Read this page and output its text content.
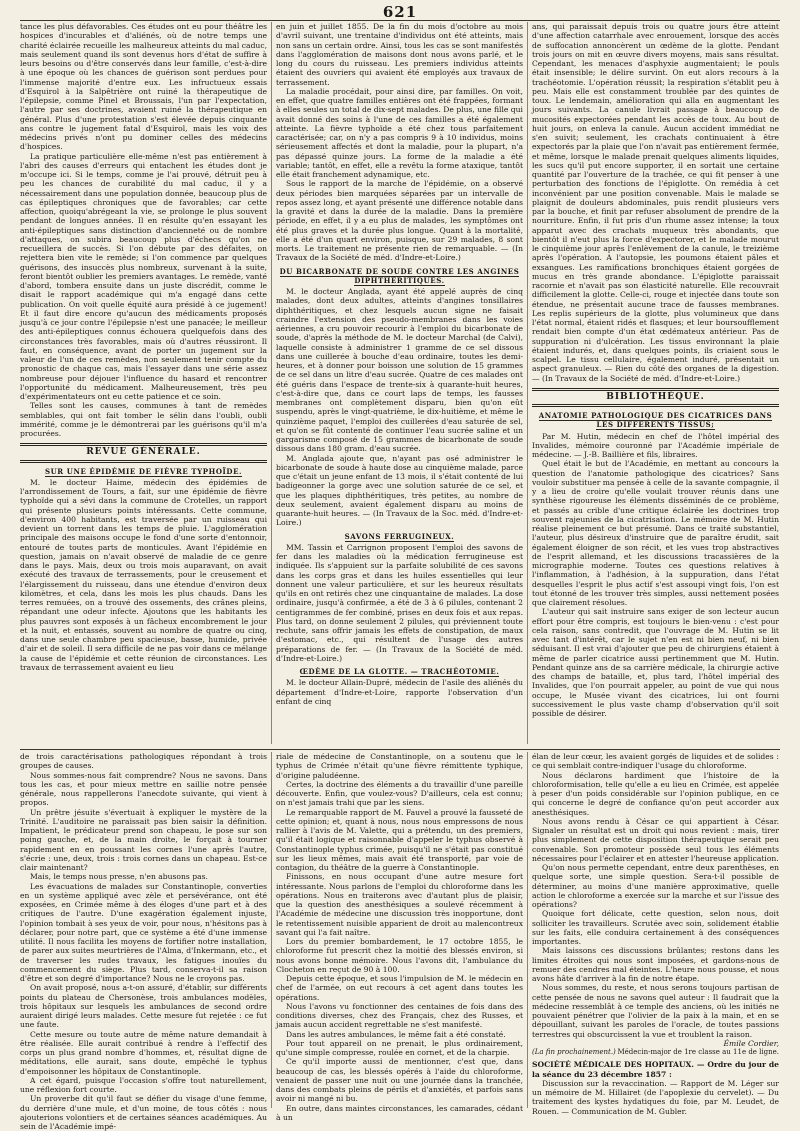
621

tance les plus défavorables. Ces études ont eu pour théâtre les hospices d'incurables et d'aliénés, où de notre temps une charité éclairée recueille les malheureux atteints du mal caduc, mais seulement quand ils sont devenus hors d'état de suffire à leurs besoins ou d'être conservés dans leur famille, c'est-à-dire à une époque où les chances de guérison sont perdues pour l'immense majorité d'entre eux. Les infructueux essais d'Esquirol à la Salpêtrière ont ruiné la thérapeutique de l'épilepsie, comme Pinel et Broussais, l'un par l'expectation, l'autre par ses doctrines, avaient ruiné la thérapeutique en général. Plus d'une protestation s'est élevée depuis cinquante ans contre le jugement fatal d'Esquirol, mais les voix des médecins privés n'ont pu dominer celles des médecins d'hospices.

La pratique particulière elle-même n'est pas entièrement à l'abri des causes d'erreurs qui entachent les études dont je m'occupe ici. Si le temps, comme je l'ai prouvé, détruit peu à peu les chances de curabilité du mal caduc, il y a nécessairement dans une population donnée, beaucoup plus de cas épileptiques chroniques que de favorables; car cette affection, quoiqu'abrégeant la vie, se prolonge le plus souvent pendant de longues années. Il en résulte qu'en essayant les anti-épileptiques sans distinction d'ancienneté ou de nombre d'attaques, on subira beaucoup plus d'échecs qu'on ne recueillera de succès. Si l'on débute par des défaites, on rejettera bien vite le remède; si l'on commence par quelques guérisons, des insuccès plus nombreux, survenant à la suite, feront bientôt oublier les premiers avantages. Le remède, vanté d'abord, tombera ensuite dans un juste discrédit, comme le disait le rapport académique qui m'a engagé dans cette publication. On voit quelle équité aura présidé à ce jugement! Et il faut dire encore qu'aucun des médicaments proposés jusqu'à ce jour contre l'épilepsie n'est une panacée; le meilleur des anti-épileptiques connus échouera quelquefois dans des circonstances très favorables, mais où d'autres réussiront. Il faut, en conséquence, avant de porter un jugement sur la valeur de l'un de ces remèdes, non seulement tenir compte du pronostic de chaque cas, mais l'essayer dans une série assez nombreuse pour déjouer l'influence du hasard et rencontrer l'opportunité du médicament. Malheureusement, très peu d'expérimentateurs ont eu cette patience et ce soin.

Telles sont les causes, communes à tant de remèdes semblables, qui ont fait tomber le sélin dans l'oubli, oubli immérité, comme je le démontrerai par les guérisons qu'il m'a procurées.

REVUE GÉNÉRALE.
SUR UNE ÉPIDÉMIE DE FIÈVRE TYPHOÏDE.

M. le docteur Haime, médecin des épidémies de l'arrondissement de Tours, a fait, sur une épidémie de fièvre typhoïde qui a sévi dans la commune de Crotelles, un rapport qui présente plusieurs points intéressants. Cette commune, d'environ 400 habitants, est traversée par un ruisseau qui devient un torrent dans les temps de pluie. L'agglomération principale des maisons occupe le fond d'une sorte d'entonnoir, entouré de toutes parts de monticules. Avant l'épidémie en question, jamais on n'avait observé de maladie de ce genre dans le pays. Mais, deux ou trois mois auparavant, on avait exécuté des travaux de terrassements, pour le creusement et l'élargissement du ruisseau, dans une étendue d'environ deux kilomètres, et cela, dans les mois les plus chauds. Dans les terres remuées, on a trouvé des ossements, des crânes pleins, répandant une odeur infecte. Ajoutons que les habitants les plus pauvres sont exposés à un fâcheux encombrement le jour et la nuit, et entassés, souvent au nombre de quatre ou cinq, dans une seule chambre peu spacieuse, basse, humide, privée d'air et de soleil. Il sera difficile de ne pas voir dans ce mélange la cause de l'épidémie et cette réunion de circonstances. Les travaux de terrassement avaient eu lieu

en juin et juillet 1855. De la fin du mois d'octobre au mois d'avril suivant, une trentaine d'individus ont été atteints, mais non sans un certain ordre. Ainsi, tous les cas se sont manifestés dans l'agglomération de maisons dont nous avons parlé, et le long du cours du ruisseau. Les premiers individus atteints étaient des ouvriers qui avaient été employés aux travaux de terrassement.

La maladie procédait, pour ainsi dire, par familles. On voit, en effet, que quatre familles entières ont été frappées, formant à elles seules un total de dix-sept malades. De plus, une fille qui avait donné des soins à l'une de ces familles a été également atteinte. La fièvre typhoïde a été chez tous parfaitement caractérisée; car, on n'y a pas compris 9 à 10 individus, moins sérieusement affectés et dont la maladie, pour la plupart, n'a pas dépassé quinze jours. La forme de la maladie a été variable; tantôt, en effet, elle a revêtu la forme ataxique, tantôt elle était franchement adynamique, etc.

Sous le rapport de la marche de l'épidémie, on a observé deux périodes bien marquées séparées par un intervalle de repos assez long, et ayant présenté une différence notable dans la gravité et dans la durée de la maladie. Dans la première période, en effet, il y a eu plus de malades, les symptômes ont été plus graves et la durée plus longue. Quant à la mortalité, elle a été d'un quart environ, puisque, sur 29 malades, 8 sont morts. Le traitement ne présente rien de remarquable. — (In Travaux de la Société de méd. d'Indre-et-Loire.)

DU BICARBONATE DE SOUDE CONTRE LES ANGINES DIPHTHÉRITIQUES.

M. le docteur Anglada, ayant été appelé auprès de cinq malades, dont deux adultes, atteints d'angines tonsillaires diphthéritiques, et chez lesquels aucun signe ne faisait craindre l'extension des pseudo-membranes dans les voies aériennes, a cru pouvoir recourir à l'emploi du bicarbonate de soude, d'après la méthode de M. le docteur Marchal (de Calvi), laquelle consiste à administrer 1 gramme de ce sel dissous dans une cuillerée à bouche d'eau ordinaire, toutes les demi-heures, et à donner pour boisson une solution de 15 grammes de ce sel dans un litre d'eau sucrée. Quatre de ces malades ont été guéris dans l'espace de trente-six à quarante-huit heures, c'est-à-dire que, dans ce court laps de temps, les fausses membranes ont complètement disparu, bien qu'on eût suspendu, après le vingt-quatrième, le dix-huitième, et même le quinzième paquet, l'emploi des cuillerées d'eau saturée de sel, et qu'on se fût contenté de continuer l'eau sucrée saline et un gargarisme composé de 15 grammes de bicarbonate de soude dissous dans 180 gram. d'eau sucrée.

M. Anglada ajoute que, n'ayant pas osé administrer le bicarbonate de soude à haute dose au cinquième malade, parce que c'était un jeune enfant de 13 mois, il s'était contenté de lui badigeonner la gorge avec une solution saturée de ce sel, et que les plaques diphthéritiques, très petites, au nombre de deux seulement, avaient également disparu au moins de quarante-huit heures. — (In Travaux de la Soc. méd. d'Indre-et-Loire.)

SAVONS FERRUGINEUX.

MM. Tassin et Carrignon proposent l'emploi des savons de fer dans les maladies où la médication ferrugineuse est indiquée. Ils s'appuient sur la parfaite solubilité de ces savons dans les corps gras et dans les huiles essentielles qui leur donnent une valeur particulière, et sur les heureux résultats qu'ils en ont retirés chez une cinquantaine de malades. La dose ordinaire, jusqu'à confirmée, a été de 3 à 6 pilules, contenant 2 centigrammes de fer combiné, prises en deux fois et aux repas. Plus tard, on donne seulement 2 pilules, qui préviennent toute rechute, sans offrir jamais les effets de constipation, de maux d'estomac, etc., qui résultent de l'usage des autres préparations de fer. — (In Travaux de la Société de méd. d'Indre-et-Loire.)

ŒDÈME DE LA GLOTTE. — TRACHÉOTOMIE.

M. le docteur Allain-Dupré, médecin de l'asile des aliénés du département d'Indre-et-Loire, rapporte l'observation d'un enfant de cinq

ans, qui paraissait depuis trois ou quatre jours être atteint d'une affection catarrhale avec enrouement, lorsque des accès de suffocation annoncèrent un œdème de la glotte. Pendant trois jours on mit en œuvre divers moyens, mais sans résultat. Cependant, les menaces d'asphyxie augmentaient; le pouls était insensible; le délire survint. On eut alors recours à la trachéotomie. L'opération réussit; la respiration s'établit peu à peu. Mais elle est constamment troublée par des quintes de toux. Le lendemain, amélioration qui alla en augmentant les jours suivants. La canule livrait passage à beaucoup de mucosités expectorées pendant les accès de toux. Au bout de huit jours, on enleva la canule. Aucun accident immédiat ne s'en suivit; seulement, les crachats continuaient à être expectorés par la plaie que l'on n'avait pas entièrement fermée, et même, lorsque le malade prenait quelques aliments liquides, les sucs qu'il put encore supporter, il en sortait une certaine quantité par l'ouverture de la trachée, ce qui fit penser à une perturbation des fonctions de l'épiglotte. On remédia à cet inconvénient par une position convenable. Mais le malade se plaignit de douleurs abdominales, puis rendit plusieurs vers par la bouche, et finit par refuser absolument de prendre de la nourriture. Enfin, il fut pris d'un rhume assez intense; la toux apparut avec des crachats muqueux très abondants, que bientôt il n'eut plus la force d'expectorer, et le malade mourut le cinquième jour après l'enlèvement de la canule, le treizième après l'opération. A l'autopsie, les poumons étaient pâles et exsangues. Les ramifications bronchiques étaient gorgées de mucus en très grande abondance. L'épiglotte paraissait racornie et n'avait pas son élasticité naturelle. Elle recouvrait difficilement la glotte. Celle-ci, rouge et injectée dans toute son étendue, ne présentait aucune trace de fausses membranes. Les replis supérieurs de la glotte, plus volumineux que dans l'état normal, étaient ridés et flasques; et leur boursoufflement rendait bien compte d'un état œdémateux antérieur. Pas de suppuration ni d'ulcération. Les tissus environnant la plaie étaient indurés, et, dans quelques points, ils criaient sous le scalpel. Le tissu cellulaire, également induré, présentait un aspect granuleux. — Rien du côté des organes de la digestion. — (In Travaux de la Société de méd. d'Indre-et-Loire.)

BIBLIOTHÈQUE.
ANATOMIE PATHOLOGIQUE DES CICATRICES DANS LES DIFFÉRENTS TISSUS;

Par M. Hutin, médecin en chef de l'hôtel impérial des Invalides, mémoire couronné par l'Académie impériale de médecine. — J.-B. Baillière et fils, libraires.

Quel était le but de l'Académie, en mettant au concours la question de l'anatomie pathologique des cicatrices? Sans vouloir substituer ma pensée à celle de la savante compagnie, il y a lieu de croire qu'elle voulait trouver réunis dans une synthèse rigoureuse les éléments disséminés de ce problème, et passés au crible d'une critique éclairée les doctrines trop souvent rajeunies de la cicatrisation. Le mémoire de M. Hutin réalise pleinement ce but présumé. Dans ce traité substantiel, l'auteur, plus désireux d'instruire que de paraître érudit, sait également éloigner de son récit, et les vues trop abstractives de l'esprit allemand, et les discussions tracassières de la micrographie moderne. Toutes ces questions relatives à l'inflammation, à l'adhésion, à la suppuration, dans l'état desquelles l'esprit le plus actif s'est assoupi vingt fois, l'on est tout étonné de les trouver très simples, aussi nettement posées que clairement résolues.

L'auteur qui sait instruire sans exiger de son lecteur aucun effort pour être compris, est toujours le bien-venu : c'est pour cela raison, sans contredit, que l'ouvrage de M. Hutin se lit avec tant d'intérêt, car le sujet n'en est ni bien neuf, ni bien séduisant. Il est vrai d'ajouter que peu de chirurgiens étaient à même de parler cicatrice aussi pertinemment que M. Hutin. Pendant quinze ans de sa carrière médicale, la chirurgie active des champs de bataille, et, plus tard, l'hôtel impérial des Invalides, que l'on pourrait appeler, au point de vue qui nous occupe, le Musée vivant des cicatrices, lui ont fourni successivement le plus vaste champ d'observation qu'il soit possible de désirer.

de trois caractérisations pathologiques répondant à trois groupes de causes.

Nous sommes-nous fait comprendre? Nous ne savons. Dans tous les cas, et pour mieux mettre en saillie notre pensée générale, nous rappellerons l'anecdote suivante, qui vient à propos.

Un prêtre jésuite s'évertuait à expliquer le mystère de la Trinité. L'auditoire ne paraissait pas bien saisir la définition. Impatient, le prédicateur prend son chapeau, le pose sur son poing gauche, et, de la main droite, le forçait à tourner rapidement en en poussant les cornes l'une après l'autre, s'écrie : une, deux, trois : trois cornes dans un chapeau. Est-ce clair maintenant?

Mais, le temps nous presse, n'en abusons pas.

Les évacuations de malades sur Constantinople, converties en un système appliqué avec zèle et persévérance, ont été exposées, en Crimée même à des éloges d'une part et à des critiques de l'autre. D'une exagération également injuste, l'opinion tombait à ses yeux de voir, pour nous, n'hésitons pas à déclarer, pour notre part, que ce système a été d'une immense utilité. Il nous facilita les moyens de fortifier notre installation, de parer aux suites meurtrières de l'Alma, d'Inkermann, etc., et de traverser les rudes travaux, les fatigues inouïes du commencement du siège. Plus tard, conserva-t-il sa raison d'être et son degré d'importance? Nous ne le croyons pas.

On avait proposé, nous a-t-on assuré, d'établir, sur différents points du plateau de Chersonèse, trois ambulances modèles, trois hôpitaux sur lesquels les ambulances de second ordre auraient dirigé leurs malades. Cette mesure fut rejetée : ce fut une faute.

Cette mesure ou toute autre de même nature demandait à être réalisée. Elle aurait contribué à rendre à l'effectif des corps un plus grand nombre d'hommes, et, résultat digne de méditations, elle aurait, sans doute, empêché le typhus d'empoisonner les hôpitaux de Constantinople.

A cet égard, puisque l'occasion s'offre tout naturellement, une réflexion fort courte.

Un proverbe dit qu'il faut se défier du visage d'une femme, du derrière d'une mule, et d'un moine, de tous côtés : nous ajouterions volontiers et de certaines séances académiques. Au sein de l'Académie impé-

riale de médecine de Constantinople, on a soutenu que le typhus de Crimée n'était qu'une fièvre rémittente typhique, d'origine paludéenne.

Certes, la doctrine des éléments a du travaillir d'une pareille découverte. Enfin, que voulez-vous? D'ailleurs, cela est connu; on n'est jamais trahi que par les siens.

Le remarquable rapport de M. Fauvel a prouvé la fausseté de cette opinion; et, quant à nous, nous nous empressons de nous rallier à l'avis de M. Valette, qui a prétendu, un des premiers, qu'il était logique et raisonnable d'appeler le typhus observé à Constantinople typhus crimée, puisqu'il ne s'était pas constitué sur les lieux mêmes, mais avait été transporté, par voie de contagion, du théâtre de la guerre à Constantinople.

Finissons, en nous occupant d'une autre mesure fort intéressante. Nous parlons de l'emploi du chloroforme dans les opérations. Nous en traiterons avec d'autant plus de plaisir, que la question des anesthésiques a soulevé récemment à l'Académie de médecine une discussion très inopportune, dont le retentissement nuisible apparient de droit au malencontreux savant qui l'a fait naître.

Lors du premier bombardement, le 17 octobre 1855, le chloroforme fut prescrit chez la moitié des blessés environ, si nous avons bonne mémoire. Nous l'avons dit, l'ambulance du Clocheton en reçut de 90 à 100.

Depuis cette époque, et sous l'impulsion de M. le médecin en chef de l'armée, on eut recours à cet agent dans toutes les opérations.

Nous l'avons vu fonctionner des centaines de fois dans des conditions diverses, chez des Français, chez des Russes, et jamais aucun accident regrettable ne s'est manifesté.

Dans les autres ambulances, le même fait a été constaté.

Pour tout appareil on ne prenait, le plus ordinairement, qu'une simple compresse, roulée en cornet, et de la charpie.

Ce qu'il importe aussi de mentionner, c'est que, dans beaucoup de cas, les blessés opérés à l'aide du chloroforme, venaient de passer une nuit ou une journée dans la tranchée, dans des combats pleins de périls et d'anxiétés, et parfois sans avoir ni mangé ni bu.

En outre, dans maintes circonstances, les camarades, cédant à un

élan de leur cœur, les avaient gorgés de liquides et de solides : ce qui semblait contre-indiquer l'usage du chloroforme.

Nous déclarons hardiment que l'histoire de la chloroformisation, telle qu'elle a eu lieu en Crimée, est appelée à peser d'un poids considérable sur l'opinion publique, en ce qui concerne le degré de confiance qu'on peut accorder aux anesthésiques.

Nous avons rendu à César ce qui appartient à César. Signaler un résultat est un droit qui nous revient : mais, tirer plus simplement de cette disposition thérapeutique serait peu convenable. Son promoteur possède seul tous les éléments nécessaires pour l'éclairer et en attester l'heureuse application.

Qu'on nous permette cependant, entre deux parenthèses, en quelque sorte, une simple question. Sera-t-il possible de déterminer, au moins d'une manière approximative, quelle action le chloroforme a exercée sur la marche et sur l'issue des opérations?

Quoique fort délicate, cette question, selon nous, doit solliciter les travailleurs. Scrutée avec soin, solidement établie sur les faits, elle conduira certainement à des conséquences importantes.

Mais laissons ces discussions brûlantes; restons dans les limites étroites qui nous sont imposées, et gardons-nous de remuer des cendres mal éteintes. L'heure nous pousse, et nous avons hâte d'arriver à la fin de notre étape.

Nous sommes, du reste, et nous serons toujours partisan de cette pensée de nous ne savons quel auteur : Il faudrait que la médecine ressemblât à ce temple des anciens, où les initiés ne pouvaient pénétrer que l'olivier de la paix à la main, et en se dépouillant, suivant les paroles de l'oracle, de toutes passions terrestres qui obscurcissent la vue et troublent la raison.

Émile Cordier,
(La fin prochainement.) Médecin-major de 1re classe au 11e de ligne.

SOCIÉTÉ MÉDICALE DES HOPITAUX. — Ordre du jour de la séance du 23 décembre 1857 :

Discussion sur la revaccination. — Rapport de M. Léger sur un mémoire de M. Hillairet (de l'apoplexie du cervelet). — Du traitement des kystes hydatiques du foie, par M. Leudet, de Rouen. — Communication de M. Gubler.
